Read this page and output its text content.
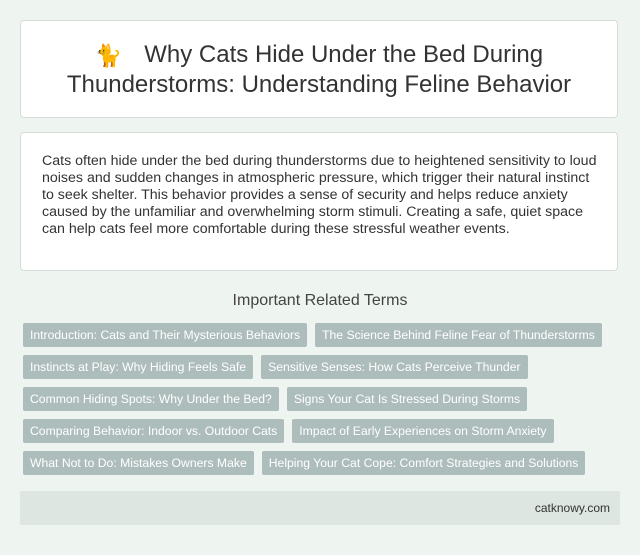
🐈 Why Cats Hide Under the Bed During Thunderstorms: Understanding Feline Behavior

Cats often hide under the bed during thunderstorms due to heightened sensitivity to loud noises and sudden changes in atmospheric pressure, which trigger their natural instinct to seek shelter. This behavior provides a sense of security and helps reduce anxiety caused by the unfamiliar and overwhelming storm stimuli. Creating a safe, quiet space can help cats feel more comfortable during these stressful weather events.

Important Related Terms
Introduction: Cats and Their Mysterious Behaviors	The Science Behind Feline Fear of Thunderstorms
Instincts at Play: Why Hiding Feels Safe	Sensitive Senses: How Cats Perceive Thunder
Common Hiding Spots: Why Under the Bed?	Signs Your Cat Is Stressed During Storms
Comparing Behavior: Indoor vs. Outdoor Cats	Impact of Early Experiences on Storm Anxiety
What Not to Do: Mistakes Owners Make	Helping Your Cat Cope: Comfort Strategies and Solutions
catknowy.com
